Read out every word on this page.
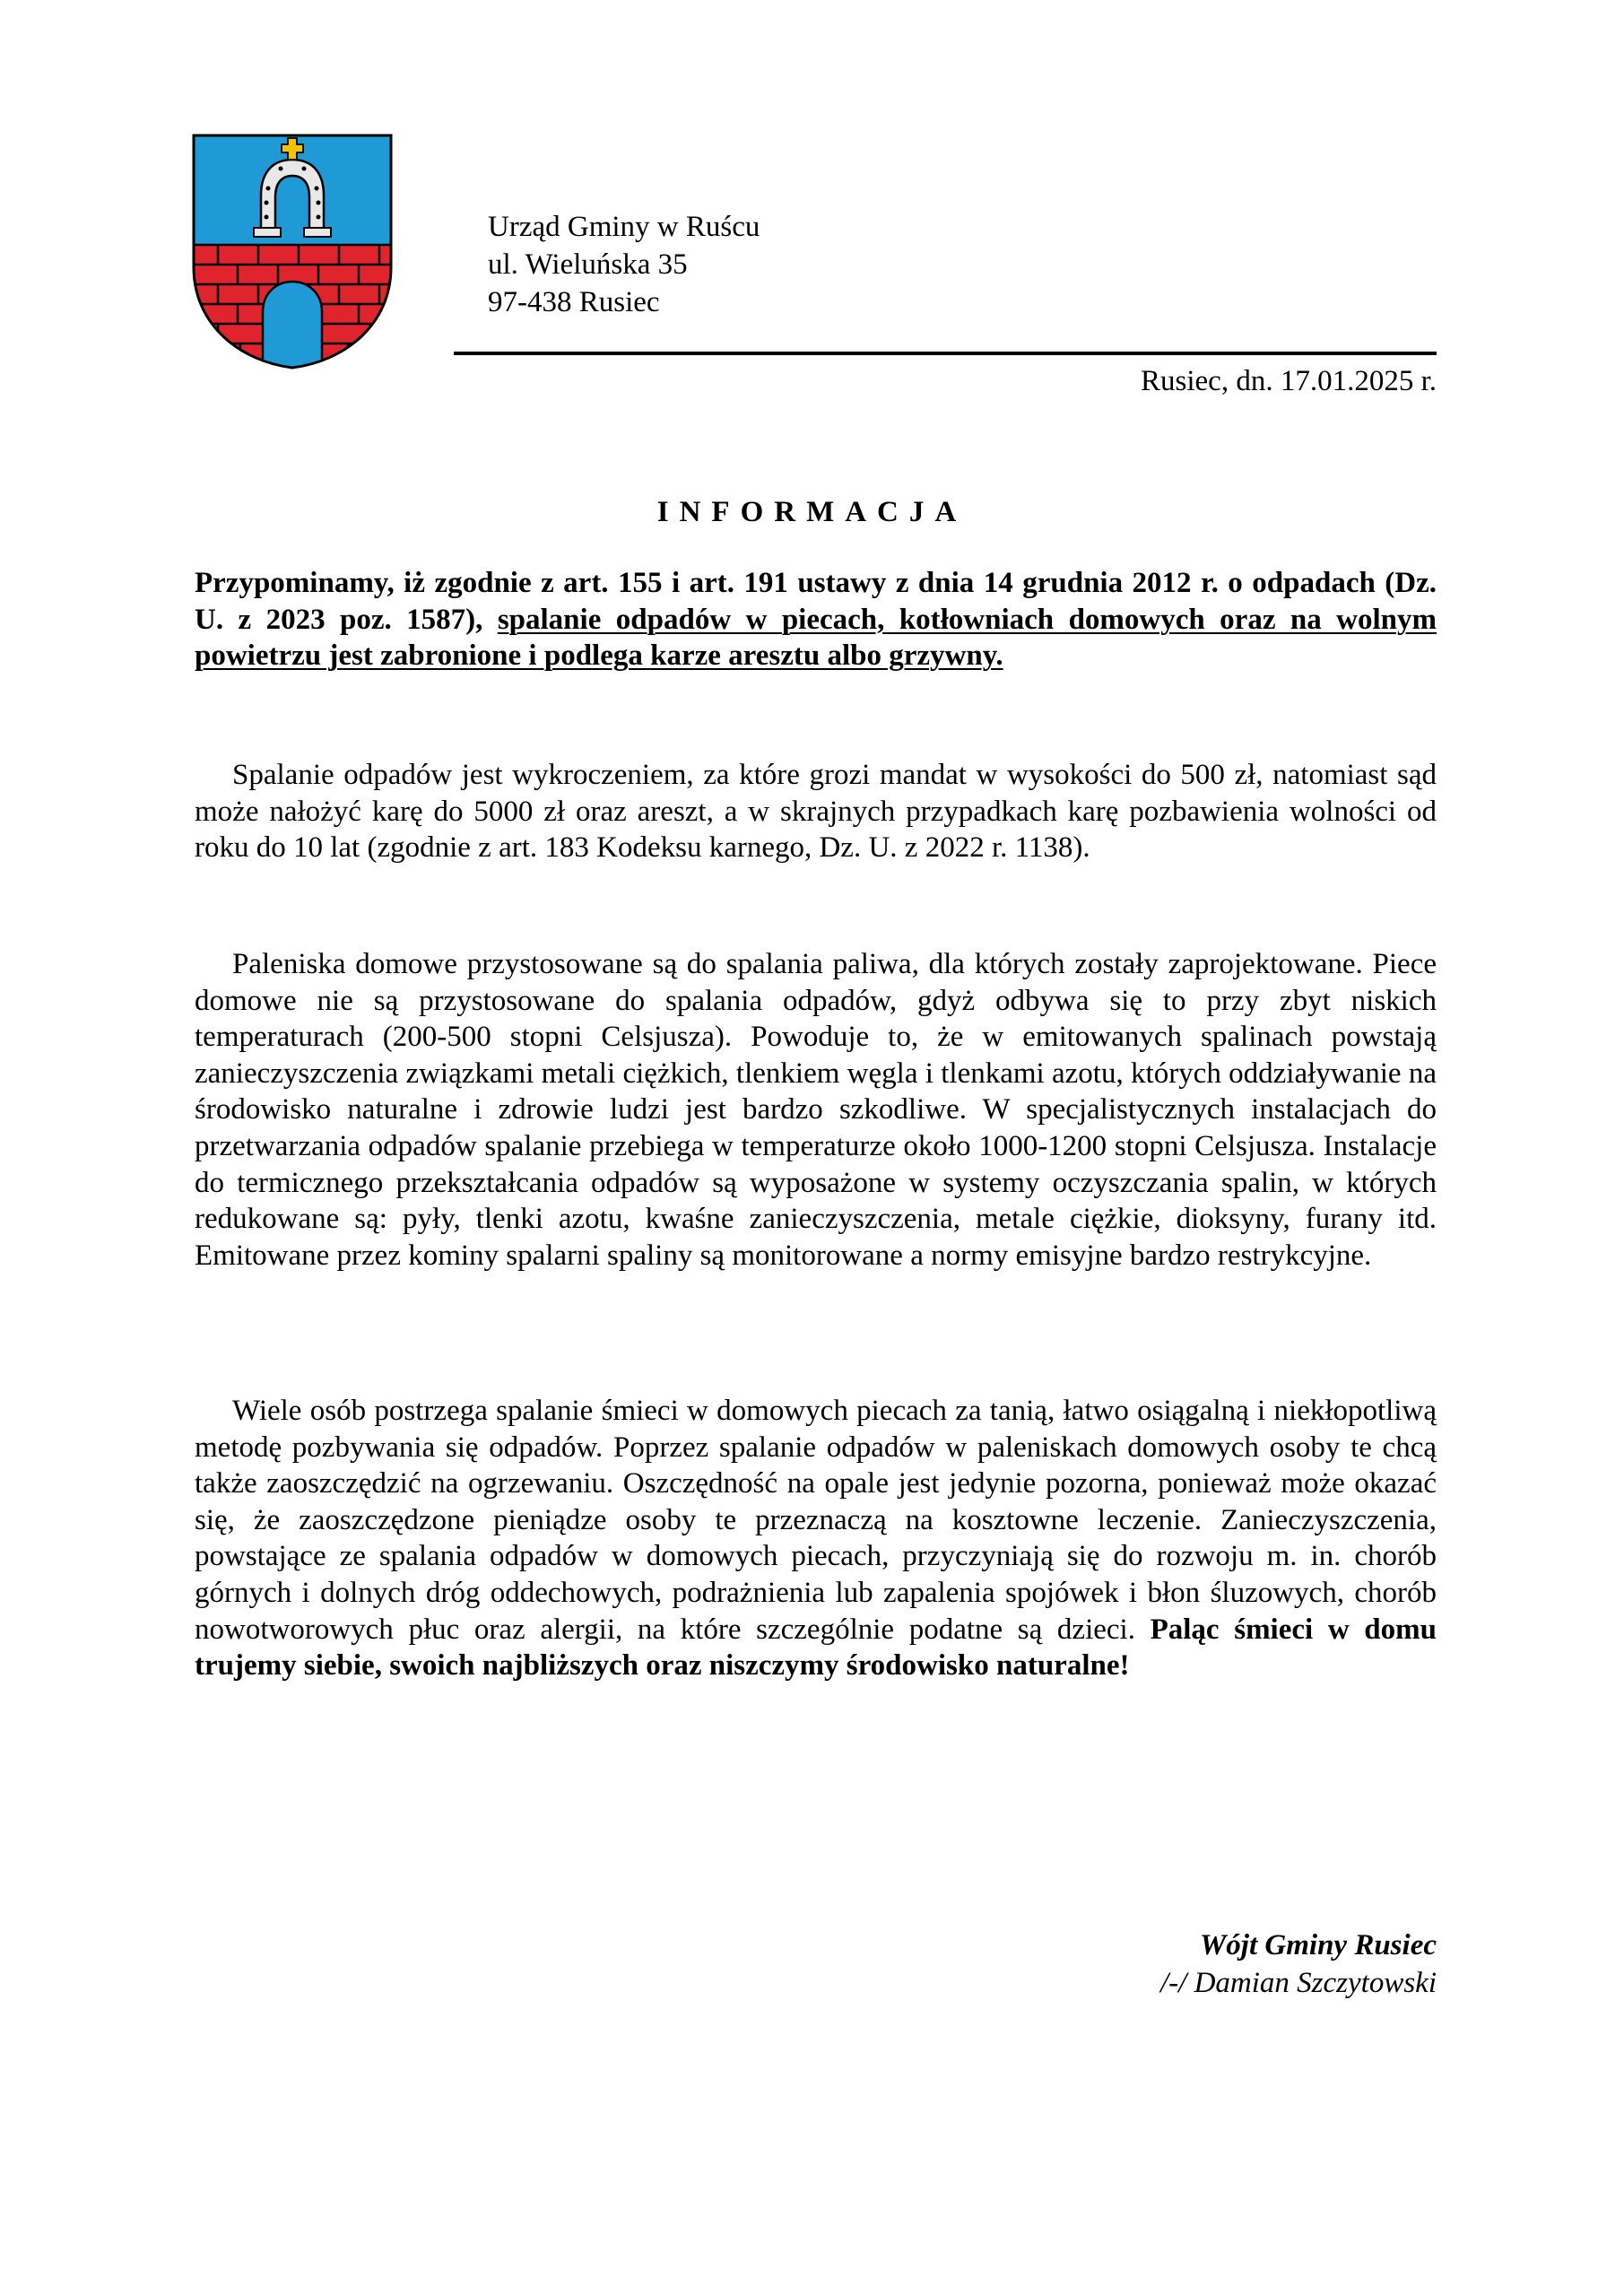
Urząd Gminy w Ruścu
ul. Wieluńska 35
97-438 Rusiec
Rusiec, dn. 17.01.2025 r.
INFORMACJA
Przypominamy, iż zgodnie z art. 155 i art. 191 ustawy z dnia 14 grudnia 2012 r. o odpadach (Dz. U. z 2023 poz. 1587), spalanie odpadów w piecach, kotłowniach domowych oraz na wolnym powietrzu jest zabronione i podlega karze aresztu albo grzywny.
Spalanie odpadów jest wykroczeniem, za które grozi mandat w wysokości do 500 zł, natomiast sąd może nałożyć karę do 5000 zł oraz areszt, a w skrajnych przypadkach karę pozbawienia wolności od roku do 10 lat (zgodnie z art. 183 Kodeksu karnego, Dz. U. z 2022 r. 1138).
Paleniska domowe przystosowane są do spalania paliwa, dla których zostały zaprojektowane. Piece domowe nie są przystosowane do spalania odpadów, gdyż odbywa się to przy zbyt niskich temperaturach (200-500 stopni Celsjusza). Powoduje to, że w emitowanych spalinach powstają zanieczyszczenia związkami metali ciężkich, tlenkiem węgla i tlenkami azotu, których oddziaływanie na środowisko naturalne i zdrowie ludzi jest bardzo szkodliwe. W specjalistycznych instalacjach do przetwarzania odpadów spalanie przebiega w temperaturze około 1000-1200 stopni Celsjusza. Instalacje do termicznego przekształcania odpadów są wyposażone w systemy oczyszczania spalin, w których redukowane są: pyły, tlenki azotu, kwaśne zanieczyszczenia, metale ciężkie, dioksyny, furany itd. Emitowane przez kominy spalarni spaliny są monitorowane a normy emisyjne bardzo restrykcyjne.
Wiele osób postrzega spalanie śmieci w domowych piecach za tanią, łatwo osiągalną i niekłopotliwą metodę pozbywania się odpadów. Poprzez spalanie odpadów w paleniskach domowych osoby te chcą także zaoszczędzić na ogrzewaniu. Oszczędność na opale jest jedynie pozorna, ponieważ może okazać się, że zaoszczędzone pieniądze osoby te przeznaczą na kosztowne leczenie. Zanieczyszczenia, powstające ze spalania odpadów w domowych piecach, przyczyniają się do rozwoju m. in. chorób górnych i dolnych dróg oddechowych, podrażnienia lub zapalenia spojówek i błon śluzowych, chorób nowotworowych płuc oraz alergii, na które szczególnie podatne są dzieci. Paląc śmieci w domu trujemy siebie, swoich najbliższych oraz niszczymy środowisko naturalne!
Wójt Gminy Rusiec
/-/ Damian Szczytowski
